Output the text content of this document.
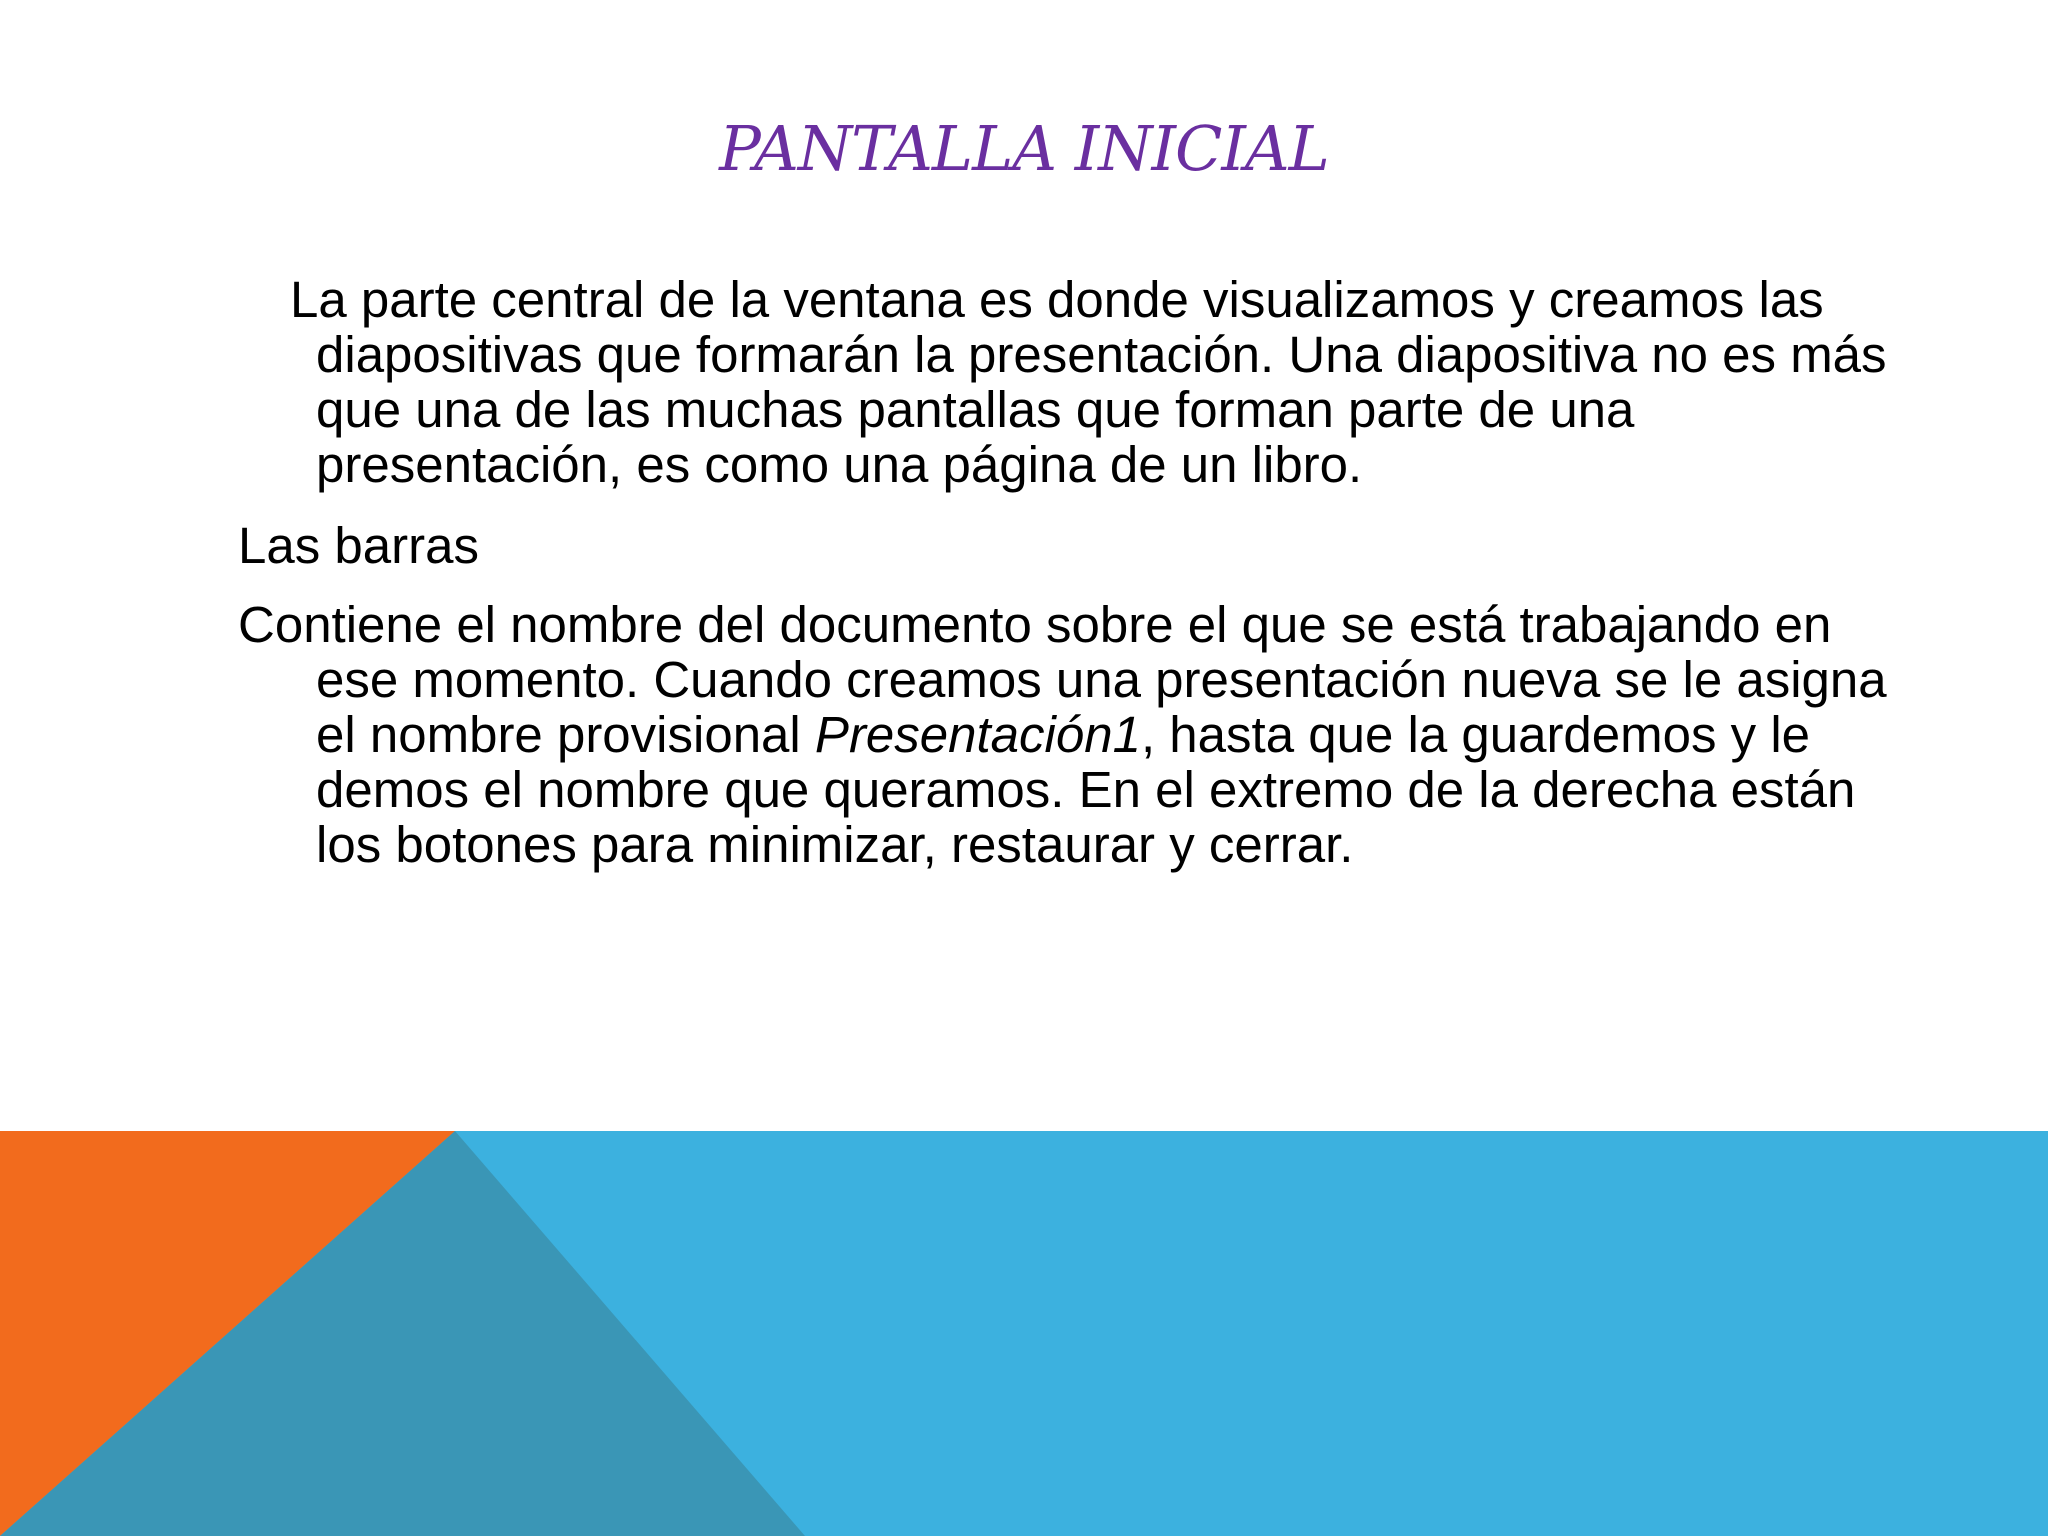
PANTALLA INICIAL

La parte central de la ventana es donde visualizamos y creamos las diapositivas que formarán la presentación. Una diapositiva no es más que una de las muchas pantallas que forman parte de una presentación, es como una página de un libro.

Las barras

Contiene el nombre del documento sobre el que se está trabajando en ese momento. Cuando creamos una presentación nueva se le asigna el nombre provisional Presentación1, hasta que la guardemos y le demos el nombre que queramos. En el extremo de la derecha están los botones para minimizar, restaurar y cerrar.
